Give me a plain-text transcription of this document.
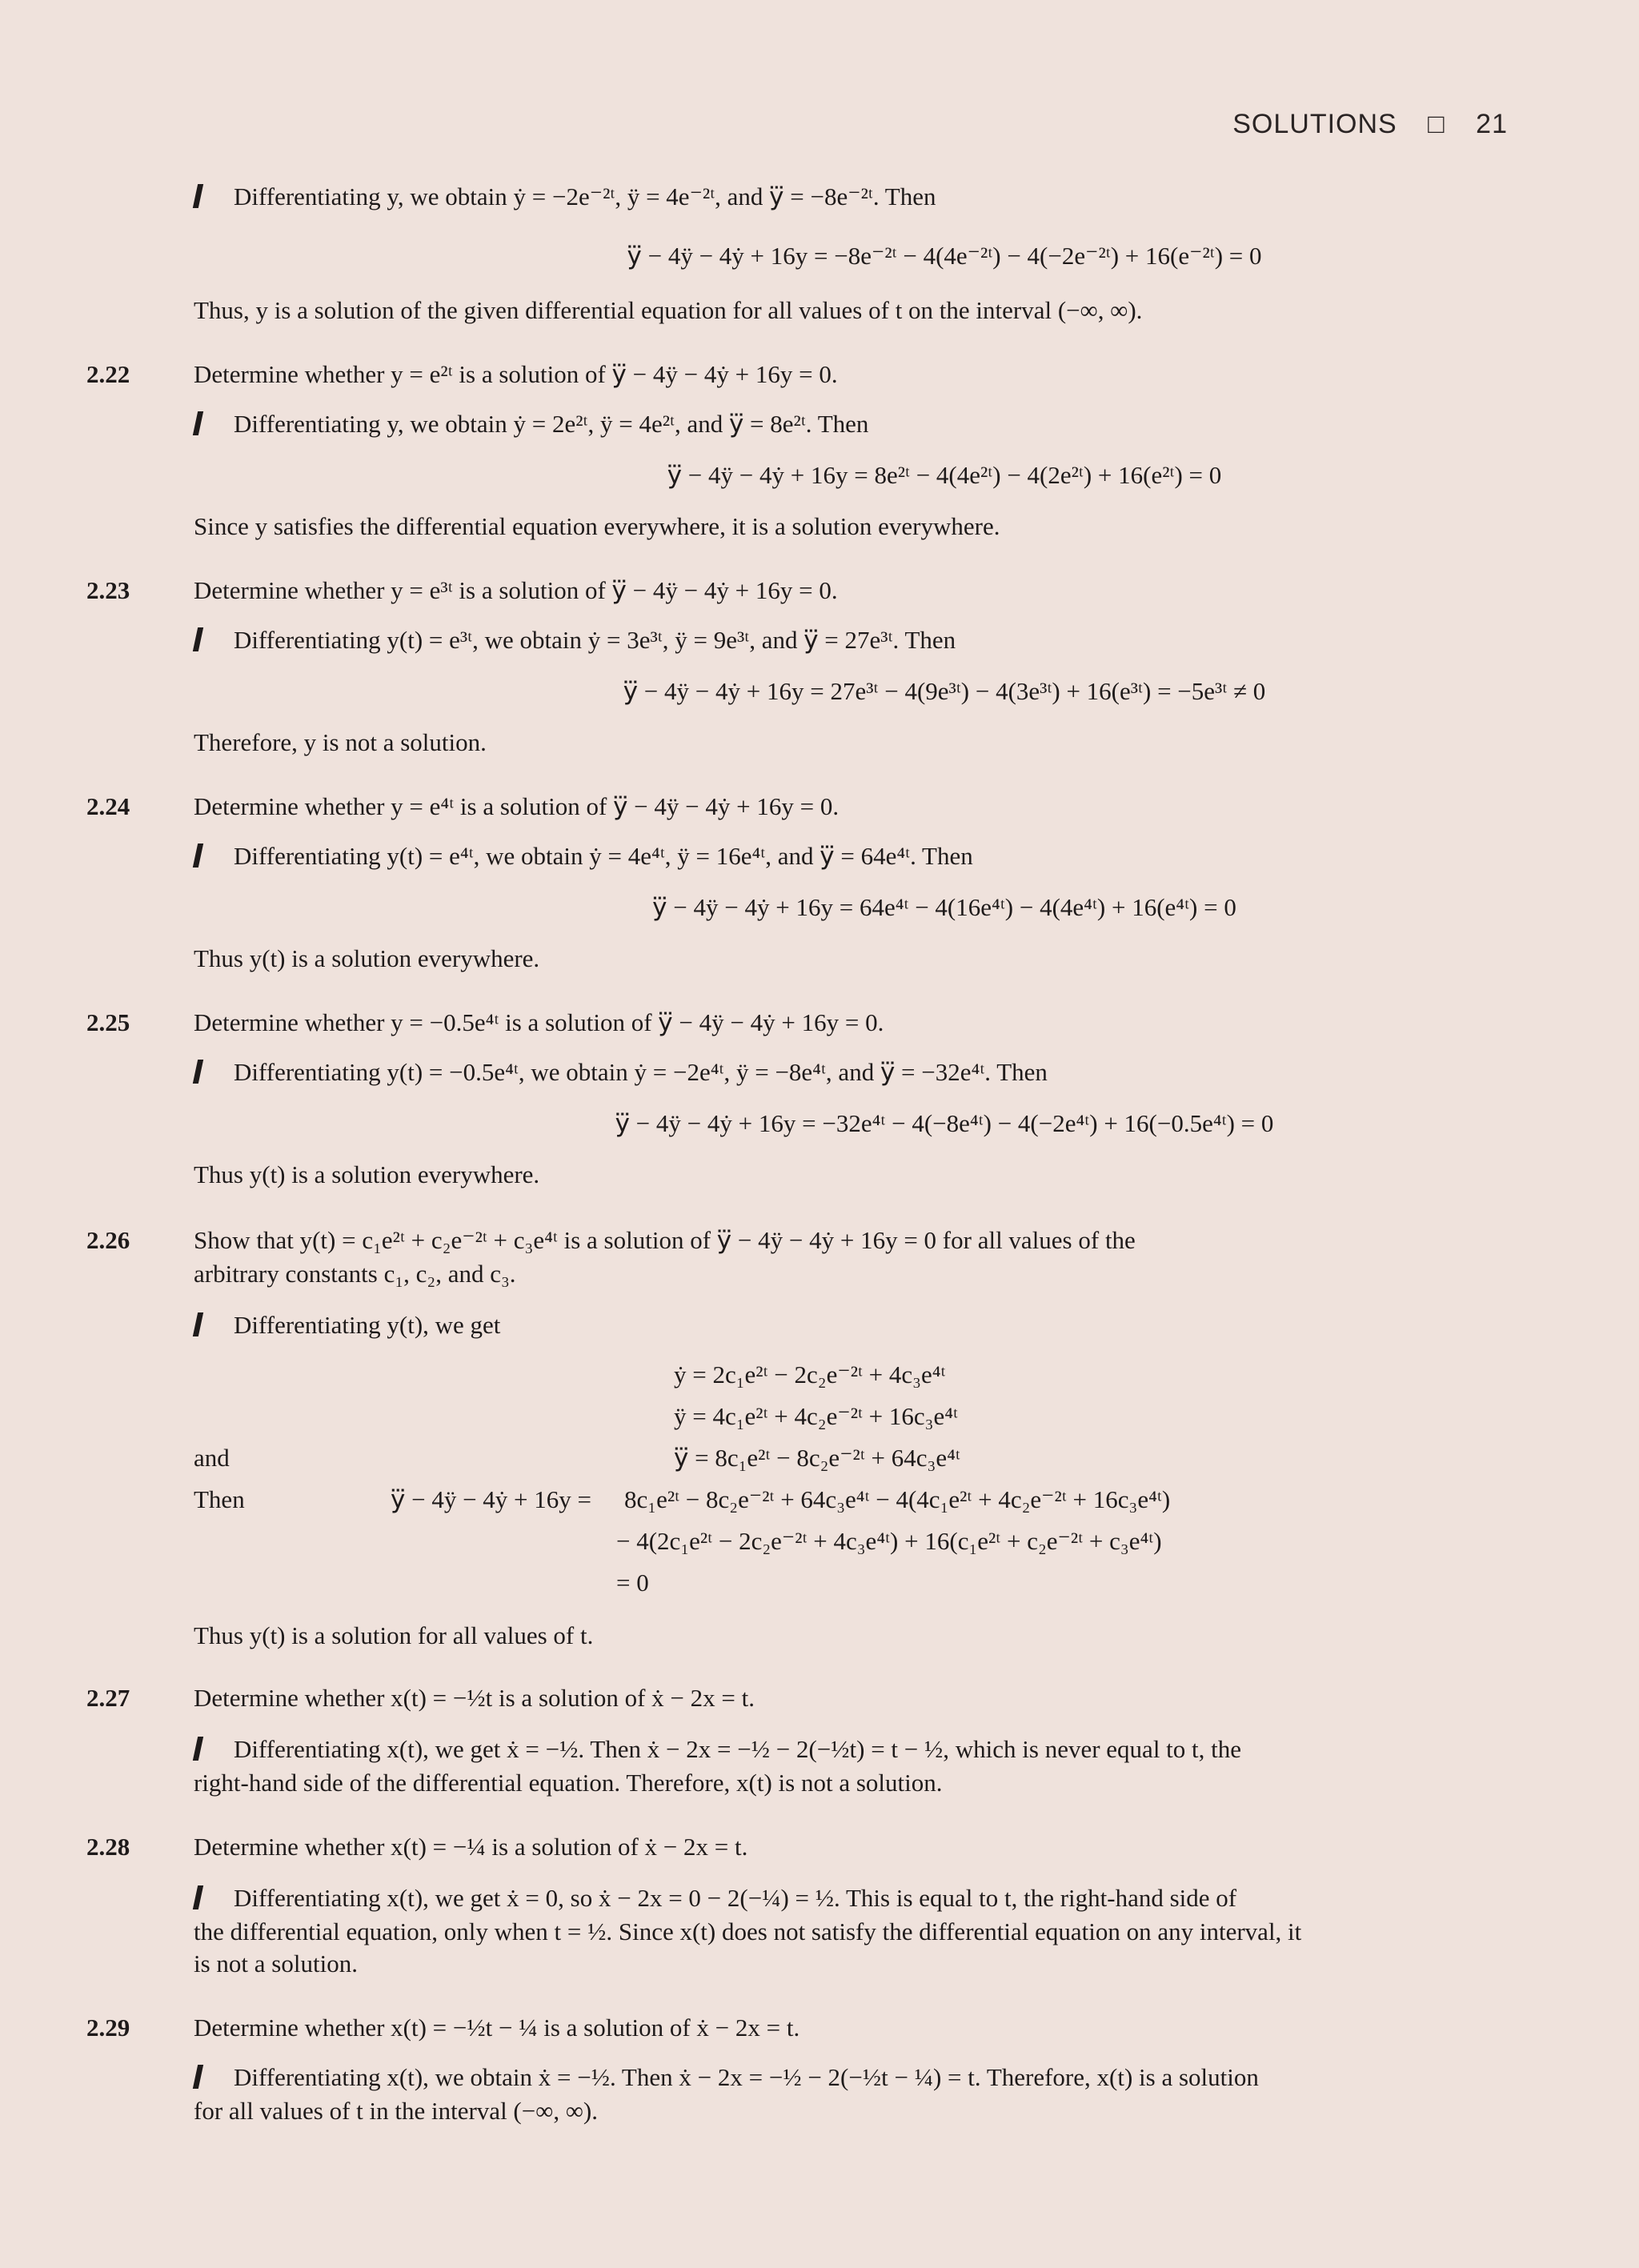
SOLUTIONS □ 21
Differentiating y, we obtain ẏ = −2e⁻²ᵗ, ÿ = 4e⁻²ᵗ, and y⃛ = −8e⁻²ᵗ. Then
y⃛ − 4ÿ − 4ẏ + 16y = −8e⁻²ᵗ − 4(4e⁻²ᵗ) − 4(−2e⁻²ᵗ) + 16(e⁻²ᵗ) = 0
Thus, y is a solution of the given differential equation for all values of t on the interval (−∞, ∞).
2.22	Determine whether y = e²ᵗ is a solution of y⃛ − 4ÿ − 4ẏ + 16y = 0.
Differentiating y, we obtain ẏ = 2e²ᵗ, ÿ = 4e²ᵗ, and y⃛ = 8e²ᵗ. Then
y⃛ − 4ÿ − 4ẏ + 16y = 8e²ᵗ − 4(4e²ᵗ) − 4(2e²ᵗ) + 16(e²ᵗ) = 0
Since y satisfies the differential equation everywhere, it is a solution everywhere.
2.23	Determine whether y = e³ᵗ is a solution of y⃛ − 4ÿ − 4ẏ + 16y = 0.
Differentiating y(t) = e³ᵗ, we obtain ẏ = 3e³ᵗ, ÿ = 9e³ᵗ, and y⃛ = 27e³ᵗ. Then
y⃛ − 4ÿ − 4ẏ + 16y = 27e³ᵗ − 4(9e³ᵗ) − 4(3e³ᵗ) + 16(e³ᵗ) = −5e³ᵗ ≠ 0
Therefore, y is not a solution.
2.24	Determine whether y = e⁴ᵗ is a solution of y⃛ − 4ÿ − 4ẏ + 16y = 0.
Differentiating y(t) = e⁴ᵗ, we obtain ẏ = 4e⁴ᵗ, ÿ = 16e⁴ᵗ, and y⃛ = 64e⁴ᵗ. Then
y⃛ − 4ÿ − 4ẏ + 16y = 64e⁴ᵗ − 4(16e⁴ᵗ) − 4(4e⁴ᵗ) + 16(e⁴ᵗ) = 0
Thus y(t) is a solution everywhere.
2.25	Determine whether y = −0.5e⁴ᵗ is a solution of y⃛ − 4ÿ − 4ẏ + 16y = 0.
Differentiating y(t) = −0.5e⁴ᵗ, we obtain ẏ = −2e⁴ᵗ, ÿ = −8e⁴ᵗ, and y⃛ = −32e⁴ᵗ. Then
y⃛ − 4ÿ − 4ẏ + 16y = −32e⁴ᵗ − 4(−8e⁴ᵗ) − 4(−2e⁴ᵗ) + 16(−0.5e⁴ᵗ) = 0
Thus y(t) is a solution everywhere.
2.26	Show that y(t) = c₁e²ᵗ + c₂e⁻²ᵗ + c₃e⁴ᵗ is a solution of y⃛ − 4ÿ − 4ẏ + 16y = 0 for all values of the
arbitrary constants c₁, c₂, and c₃.
Differentiating y(t), we get
ẏ = 2c₁e²ᵗ − 2c₂e⁻²ᵗ + 4c₃e⁴ᵗ
ÿ = 4c₁e²ᵗ + 4c₂e⁻²ᵗ + 16c₃e⁴ᵗ
and	y⃛ = 8c₁e²ᵗ − 8c₂e⁻²ᵗ + 64c₃e⁴ᵗ
Then	y⃛ − 4ÿ − 4ẏ + 16y = 8c₁e²ᵗ − 8c₂e⁻²ᵗ + 64c₃e⁴ᵗ − 4(4c₁e²ᵗ + 4c₂e⁻²ᵗ + 16c₃e⁴ᵗ)
− 4(2c₁e²ᵗ − 2c₂e⁻²ᵗ + 4c₃e⁴ᵗ) + 16(c₁e²ᵗ + c₂e⁻²ᵗ + c₃e⁴ᵗ)
= 0
Thus y(t) is a solution for all values of t.
2.27	Determine whether x(t) = −½t is a solution of ẋ − 2x = t.
Differentiating x(t), we get ẋ = −½. Then ẋ − 2x = −½ − 2(−½t) = t − ½, which is never equal to t, the
right-hand side of the differential equation. Therefore, x(t) is not a solution.
2.28	Determine whether x(t) = −¼ is a solution of ẋ − 2x = t.
Differentiating x(t), we get ẋ = 0, so ẋ − 2x = 0 − 2(−¼) = ½. This is equal to t, the right-hand side of
the differential equation, only when t = ½. Since x(t) does not satisfy the differential equation on any interval, it
is not a solution.
2.29	Determine whether x(t) = −½t − ¼ is a solution of ẋ − 2x = t.
Differentiating x(t), we obtain ẋ = −½. Then ẋ − 2x = −½ − 2(−½t − ¼) = t. Therefore, x(t) is a solution
for all values of t in the interval (−∞, ∞).
